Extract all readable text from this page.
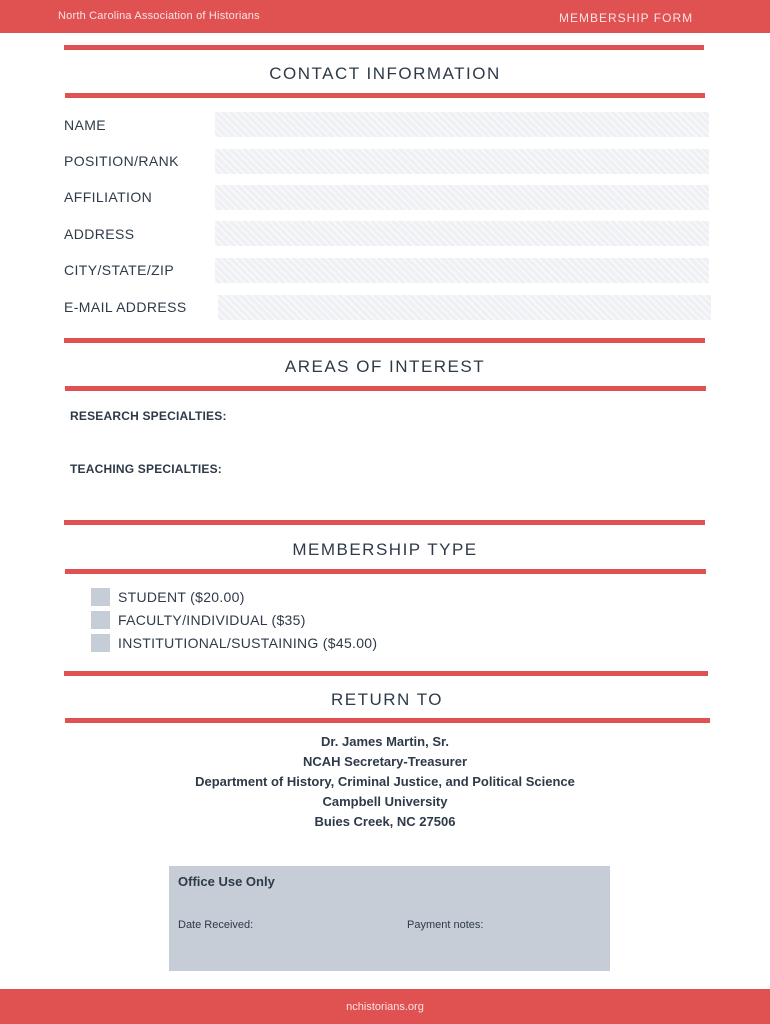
North Carolina Association of Historians	MEMBERSHIP FORM
CONTACT INFORMATION
NAME
POSITION/RANK
AFFILIATION
ADDRESS
CITY/STATE/ZIP
E-MAIL ADDRESS
AREAS OF INTEREST
RESEARCH SPECIALTIES:
TEACHING SPECIALTIES:
MEMBERSHIP TYPE
STUDENT ($20.00)
FACULTY/INDIVIDUAL ($35)
INSTITUTIONAL/SUSTAINING ($45.00)
RETURN TO
Dr. James Martin, Sr.
NCAH Secretary-Treasurer
Department of History, Criminal Justice, and Political Science
Campbell University
Buies Creek, NC 27506
Office Use Only
Date Received:	Payment notes:
nchistorians.org
